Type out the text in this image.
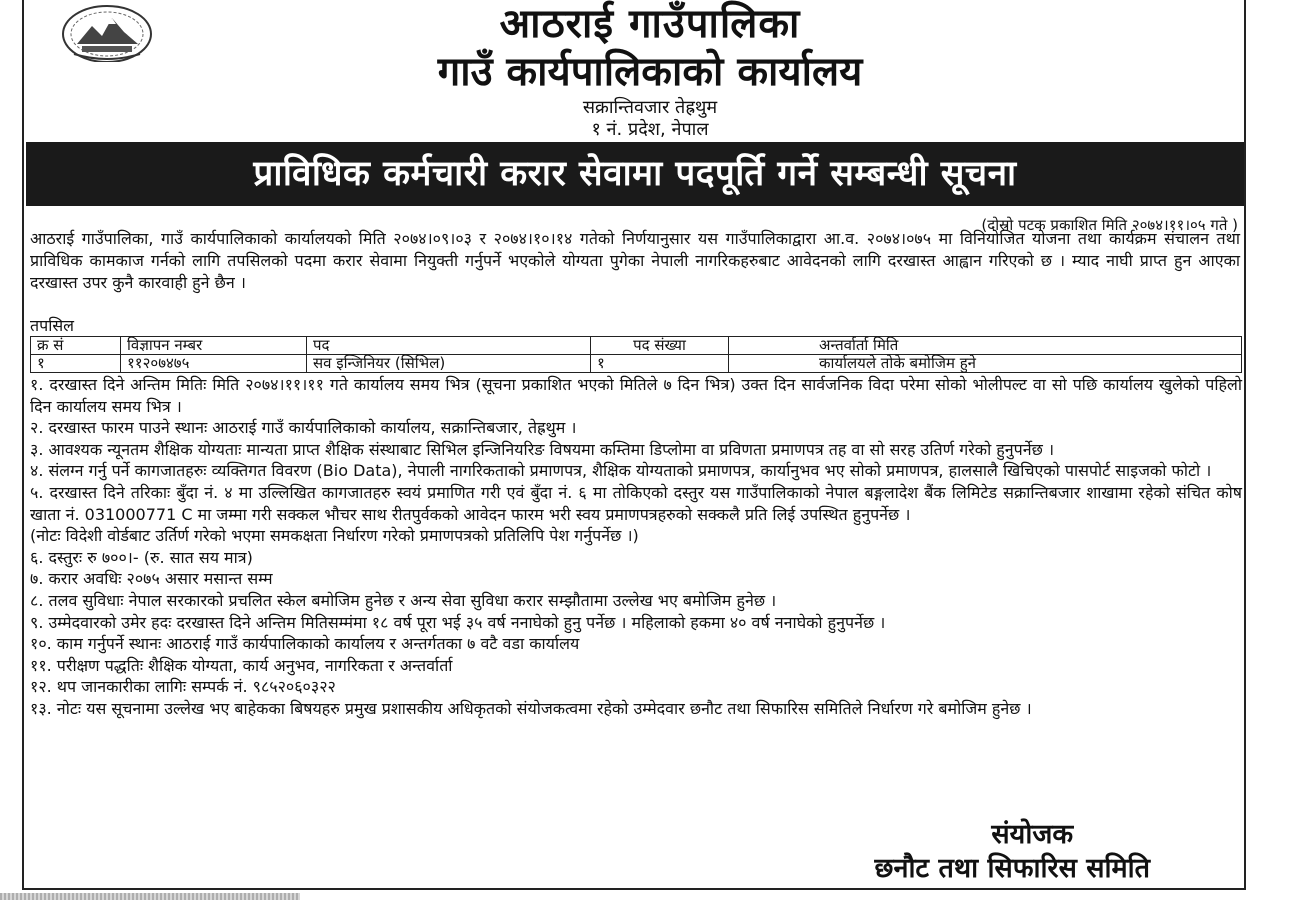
आठराई गाउँपालिका
गाउँ कार्यपालिकाको कार्यालय
सक्रान्तिवजार तेह्रथुम
१ नं. प्रदेश, नेपाल
प्राविधिक कर्मचारी करार सेवामा पदपूर्ति गर्ने सम्बन्धी सूचना
(दोस्रो पटक प्रकाशित मिति २०७४।११।०५ गते )
आठराई गाउँपालिका, गाउँ कार्यपालिकाको कार्यालयको मिति २०७४।०९।०३ र २०७४।१०।१४ गतेको निर्णयानुसार यस गाउँपालिकाद्वारा आ.व. २०७४।०७५ मा विनियोजित योजना तथा कार्यक्रम संचालन तथा प्राविधिक कामकाज गर्नको लागि तपसिलको पदमा करार सेवामा नियुक्ती गर्नुपर्ने भएकोले योग्यता पुगेका नेपाली नागरिकहरुबाट आवेदनको लागि दरखास्त आह्वान गरिएको छ । म्याद नाघी प्राप्त हुन आएका दरखास्त उपर कुनै कारवाही हुने छैन ।
तपसिल
क्र सं	विज्ञापन नम्बर	पद	पद संख्या	अन्तर्वार्ता मिति
१	११२०७४७५	सव इन्जिनियर (सिभिल)	१	कार्यालयले तोके बमोजिम हुने

१. दरखास्त दिने अन्तिम मितिः मिति २०७४।११।११ गते कार्यालय समय भित्र (सूचना प्रकाशित भएको मितिले ७ दिन भित्र) उक्त दिन सार्वजनिक विदा परेमा सोको भोलीपल्ट वा सो पछि कार्यालय खुलेको पहिलो दिन कार्यालय समय भित्र ।

२. दरखास्त फारम पाउने स्थानः आठराई गाउँ कार्यपालिकाको कार्यालय, सक्रान्तिबजार, तेह्रथुम ।

३. आवश्यक न्यूनतम शैक्षिक योग्यताः मान्यता प्राप्त शैक्षिक संस्थाबाट सिभिल इन्जिनियरिङ विषयमा कम्तिमा डिप्लोमा वा प्रविणता प्रमाणपत्र तह वा सो सरह उतिर्ण गरेको हुनुपर्नेछ ।

४. संलग्न गर्नु पर्ने कागजातहरुः व्यक्तिगत विवरण (Bio Data), नेपाली नागरिकताको प्रमाणपत्र, शैक्षिक योग्यताको प्रमाणपत्र, कार्यानुभव भए सोको प्रमाणपत्र, हालसालै खिचिएको पासपोर्ट साइजको फोटो ।

५. दरखास्त दिने तरिकाः बुँदा नं. ४ मा उल्लिखित कागजातहरु स्वयं प्रमाणित गरी एवं बुँदा नं. ६ मा तोकिएको दस्तुर यस गाउँपालिकाको नेपाल बङ्गलादेश बैंक लिमिटेड सक्रान्तिबजार शाखामा रहेको संचित कोष खाता नं. 031000771 C मा जम्मा गरी सक्कल भौचर साथ रीतपुर्वकको आवेदन फारम भरी स्वय प्रमाणपत्रहरुको सक्कलै प्रति लिई उपस्थित हुनुपर्नेछ ।

(नोटः विदेशी वोर्डबाट उर्तिर्ण गरेको भएमा समकक्षता निर्धारण गरेको प्रमाणपत्रको प्रतिलिपि पेश गर्नुपर्नेछ ।)

६. दस्तुरः रु ७००।- (रु. सात सय मात्र)

७. करार अवधिः २०७५ असार मसान्त सम्म

८. तलव सुविधाः नेपाल सरकारको प्रचलित स्केल बमोजिम हुनेछ र अन्य सेवा सुविधा करार सम्झौतामा उल्लेख भए बमोजिम हुनेछ ।

९. उम्मेदवारको उमेर हदः दरखास्त दिने अन्तिम मितिसम्मंमा १८ वर्ष पूरा भई ३५ वर्ष ननाघेको हुनु पर्नेछ । महिलाको हकमा ४० वर्ष ननाघेको हुनुपर्नेछ ।

१०. काम गर्नुपर्ने स्थानः आठराई गाउँ कार्यपालिकाको कार्यालय र अन्तर्गतका ७ वटै वडा कार्यालय

११. परीक्षण पद्धतिः शैक्षिक योग्यता, कार्य अनुभव, नागरिकता र अन्तर्वार्ता

१२. थप जानकारीका लागिः सम्पर्क नं. ९८५२०६०३२२

१३. नोटः यस सूचनामा उल्लेख भए बाहेकका बिषयहरु प्रमुख प्रशासकीय अधिकृतको संयोजकत्वमा रहेको उम्मेदवार छनौट तथा सिफारिस समितिले निर्धारण गरे बमोजिम हुनेछ ।

संयोजक
छनौट तथा सिफारिस समिति
